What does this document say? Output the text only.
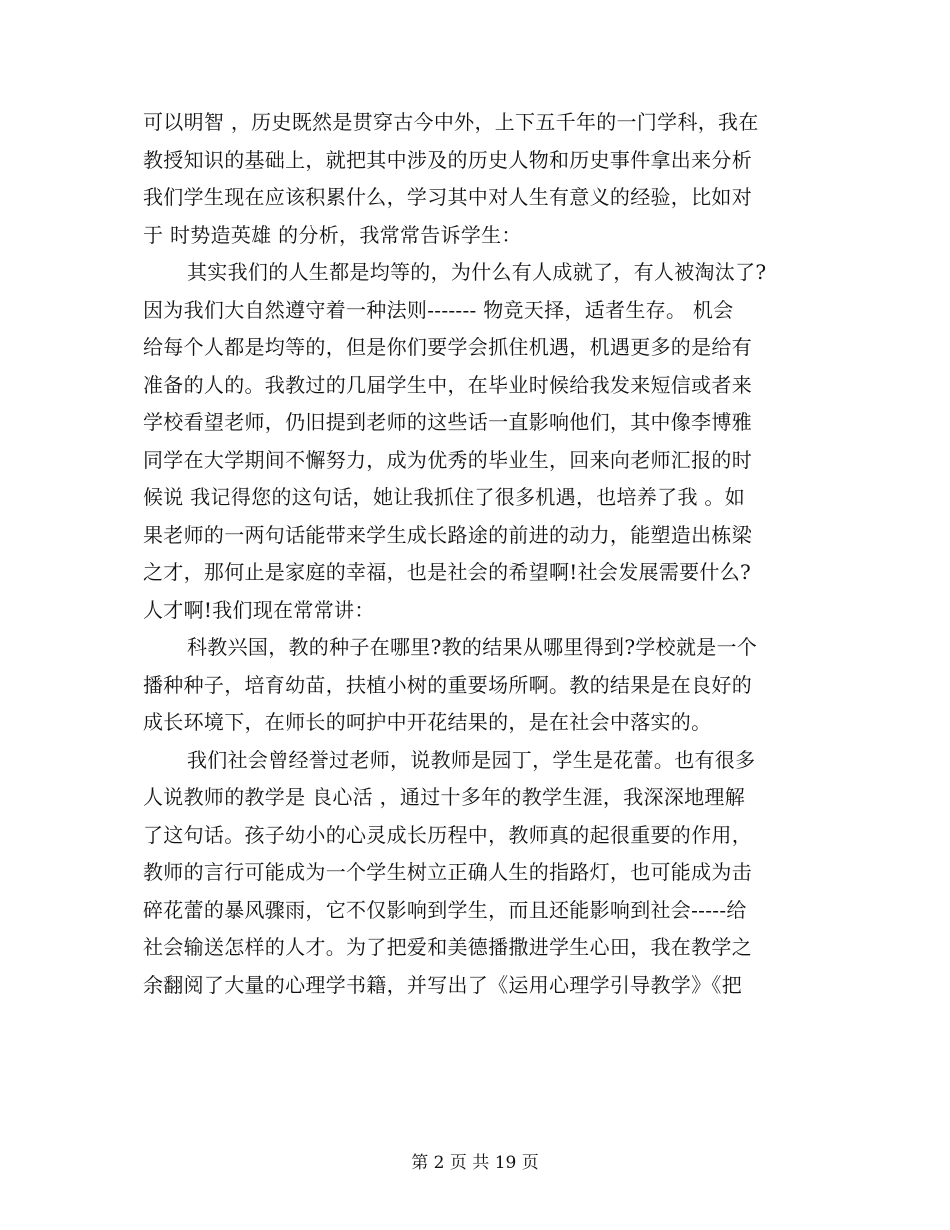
可以明智 ，历史既然是贯穿古今中外，上下五千年的一门学科，我在
教授知识的基础上，就把其中涉及的历史人物和历史事件拿出来分析
我们学生现在应该积累什么，学习其中对人生有意义的经验，比如对
于 时势造英雄 的分析，我常常告诉学生：
其实我们的人生都是均等的，为什么有人成就了，有人被淘汰了?
因为我们大自然遵守着一种法则------- 物竞天择，适者生存。 机会
给每个人都是均等的，但是你们要学会抓住机遇，机遇更多的是给有
准备的人的。我教过的几届学生中，在毕业时候给我发来短信或者来
学校看望老师，仍旧提到老师的这些话一直影响他们，其中像李博雅
同学在大学期间不懈努力，成为优秀的毕业生，回来向老师汇报的时
候说 我记得您的这句话，她让我抓住了很多机遇，也培养了我 。如
果老师的一两句话能带来学生成长路途的前进的动力，能塑造出栋梁
之才，那何止是家庭的幸福，也是社会的希望啊!社会发展需要什么?
人才啊!我们现在常常讲：
科教兴国，教的种子在哪里?教的结果从哪里得到?学校就是一个
播种种子，培育幼苗，扶植小树的重要场所啊。教的结果是在良好的
成长环境下，在师长的呵护中开花结果的，是在社会中落实的。
我们社会曾经誉过老师，说教师是园丁，学生是花蕾。也有很多
人说教师的教学是 良心活 ，通过十多年的教学生涯，我深深地理解
了这句话。孩子幼小的心灵成长历程中，教师真的起很重要的作用，
教师的言行可能成为一个学生树立正确人生的指路灯，也可能成为击
碎花蕾的暴风骤雨，它不仅影响到学生，而且还能影响到社会-----给
社会输送怎样的人才。为了把爱和美德播撒进学生心田，我在教学之
余翻阅了大量的心理学书籍，并写出了《运用心理学引导教学》《把
第 2 页 共 19 页
